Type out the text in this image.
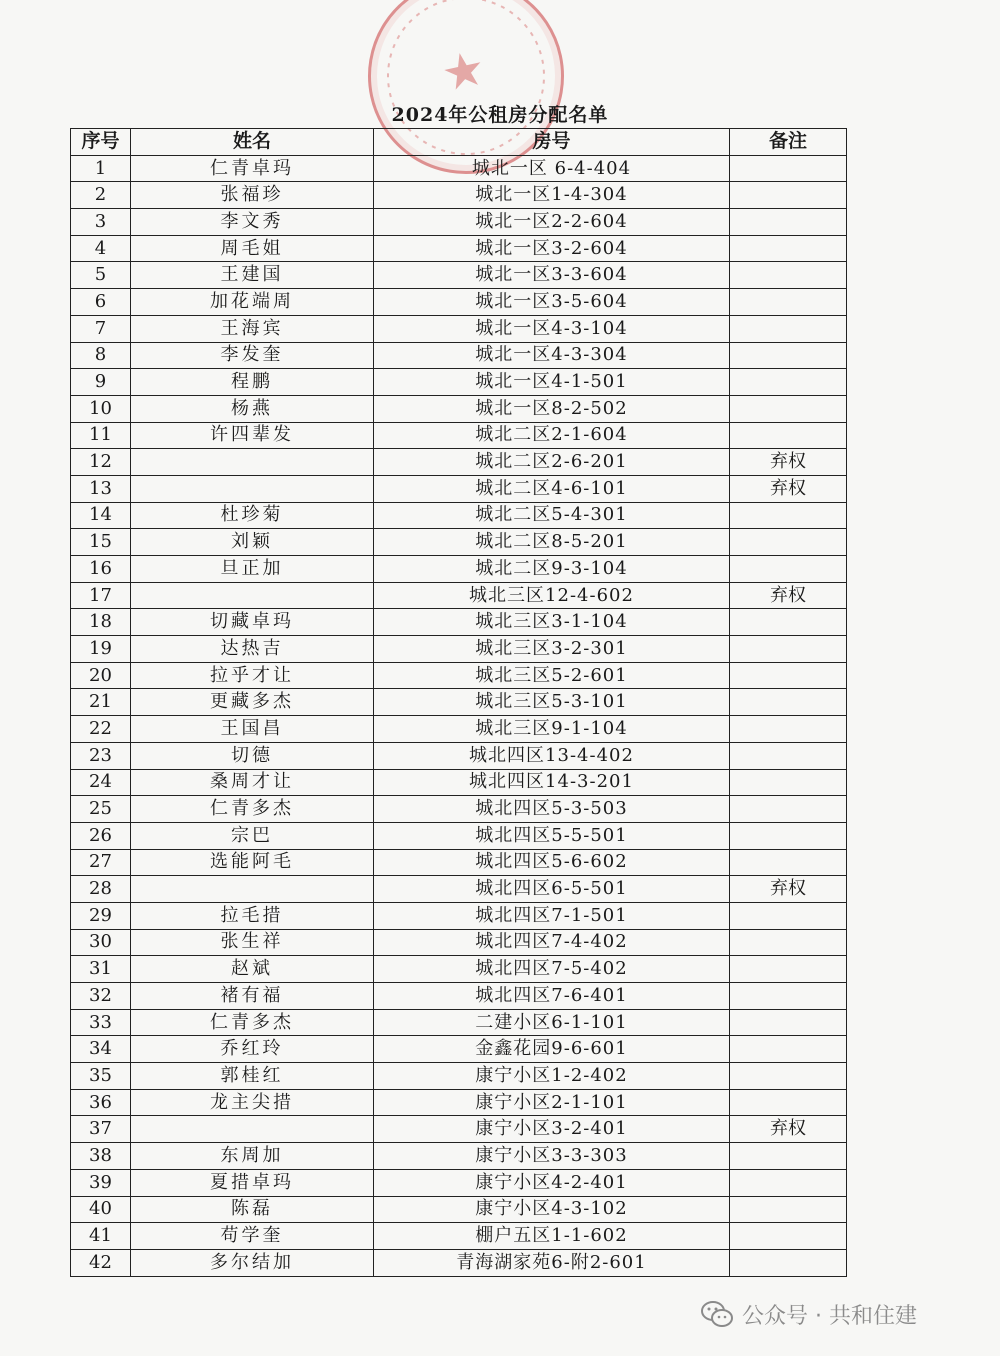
★
2024年公租房分配名单
序号	姓名	房号	备注
1	仁青卓玛	城北一区 6-4-404	
2	张福珍	城北一区1-4-304	
3	李文秀	城北一区2-2-604	
4	周毛姐	城北一区3-2-604	
5	王建国	城北一区3-3-604	
6	加花端周	城北一区3-5-604	
7	王海宾	城北一区4-3-104	
8	李发奎	城北一区4-3-304	
9	程鹏	城北一区4-1-501	
10	杨燕	城北一区8-2-502	
11	许四辈发	城北二区2-1-604	
12		城北二区2-6-201	弃权
13		城北二区4-6-101	弃权
14	杜珍菊	城北二区5-4-301	
15	刘颖	城北二区8-5-201	
16	旦正加	城北二区9-3-104	
17		城北三区12-4-602	弃权
18	切藏卓玛	城北三区3-1-104	
19	达热吉	城北三区3-2-301	
20	拉乎才让	城北三区5-2-601	
21	更藏多杰	城北三区5-3-101	
22	王国昌	城北三区9-1-104	
23	切德	城北四区13-4-402	
24	桑周才让	城北四区14-3-201	
25	仁青多杰	城北四区5-3-503	
26	宗巴	城北四区5-5-501	
27	选能阿毛	城北四区5-6-602	
28		城北四区6-5-501	弃权
29	拉毛措	城北四区7-1-501	
30	张生祥	城北四区7-4-402	
31	赵斌	城北四区7-5-402	
32	褚有福	城北四区7-6-401	
33	仁青多杰	二建小区6-1-101	
34	乔红玲	金鑫花园9-6-601	
35	郭桂红	康宁小区1-2-402	
36	龙主尖措	康宁小区2-1-101	
37		康宁小区3-2-401	弃权
38	东周加	康宁小区3-3-303	
39	夏措卓玛	康宁小区4-2-401	
40	陈磊	康宁小区4-3-102	
41	苟学奎	棚户五区1-1-602	
42	多尔结加	青海湖家苑6-附2-601	
公众号 · 共和住建
